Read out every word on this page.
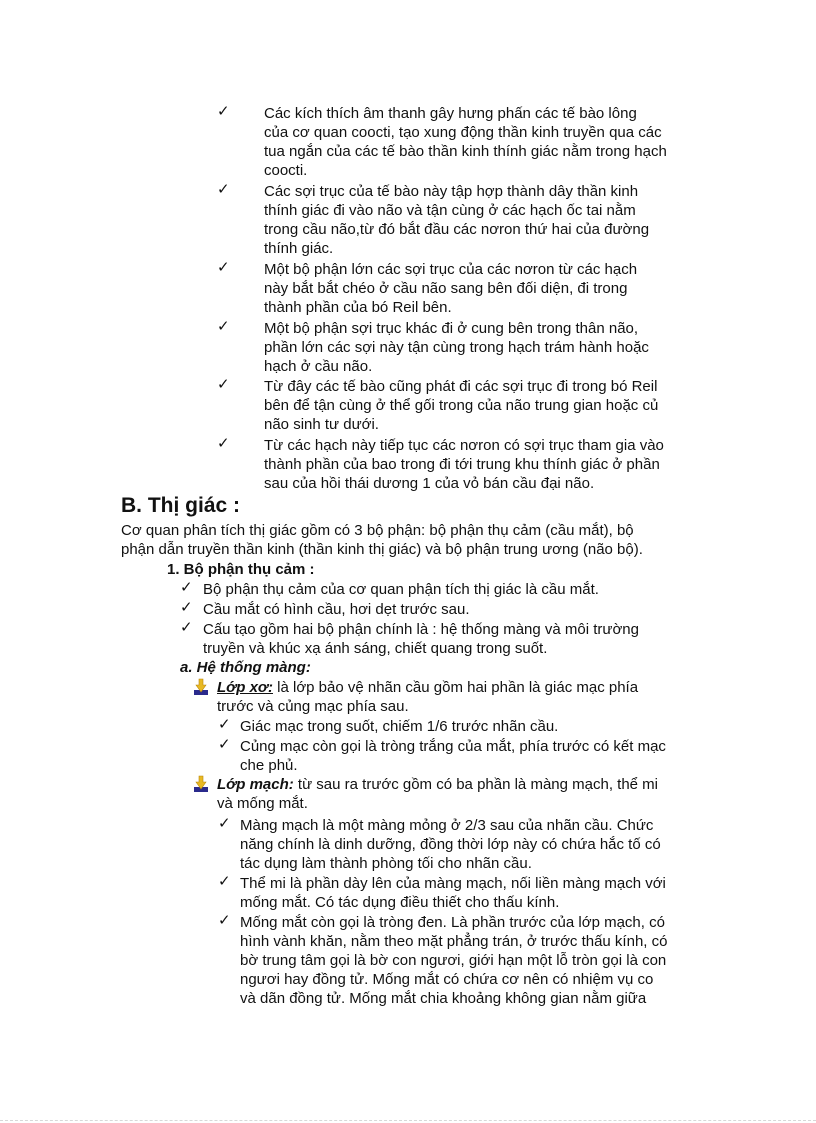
✓ Các kích thích âm thanh gây hưng phấn các tế bào lông
của cơ quan coocti, tạo xung động thần kinh truyền qua các
tua ngắn của các tế bào thần kinh thính giác nằm trong hạch
coocti.
✓ Các sợi trục của tế bào này tập hợp thành dây thần kinh
thính giác đi vào não và tận cùng ở các hạch ốc tai nằm
trong cầu não,từ đó bắt đầu các nơron thứ hai của đường
thính giác.
✓ Một bộ phận lớn các sợi trục của các nơron từ các hạch
này bắt bắt chéo ở cầu não sang bên đối diện, đi trong
thành phần của bó Reil bên.
✓ Một bộ phận sợi trục khác đi ở cung bên trong thân não,
phần lớn các sợi này tận cùng trong hạch trám hành hoặc
hạch ở cầu não.
✓ Từ đây các tế bào cũng phát đi các sợi trục đi trong bó Reil
bên để tận cùng ở thể gối trong của não trung gian hoặc củ
não sinh tư dưới.
✓ Từ các hạch này tiếp tục các nơron có sợi trục tham gia vào
thành phần của bao trong đi tới trung khu thính giác ở phần
sau của hồi thái dương 1 của vỏ bán cầu đại não.
B. Thị giác :
Cơ quan phân tích thị giác gồm có 3 bộ phận: bộ phận thụ cảm (cầu mắt), bộ
phận dẫn truyền thần kinh (thần kinh thị giác) và bộ phận trung ương (não bộ).
1. Bộ phận thụ cảm :
✓ Bộ phận thụ cảm của cơ quan phận tích thị giác là cầu mắt.
✓ Cầu mắt có hình cầu, hơi dẹt trước sau.
✓ Cấu tạo gồm hai bộ phận chính là : hệ thống màng và môi trường
truyền và khúc xạ ánh sáng, chiết quang trong suốt.
a. Hệ thống màng:
Lớp xơ: là lớp bảo vệ nhãn cầu gồm hai phần là giác mạc phía
trước và củng mạc phía sau.
✓ Giác mạc trong suốt, chiếm 1/6 trước nhãn cầu.
✓ Củng mạc còn gọi là tròng trắng của mắt, phía trước có kết mạc
che phủ.
Lớp mạch: từ sau ra trước gồm có ba phần là màng mạch, thể mi
và mống mắt.
✓ Màng mạch là một màng mỏng ở 2/3 sau của nhãn cầu. Chức
năng chính là dinh dưỡng, đồng thời lớp này có chứa hắc tố có
tác dụng làm thành phòng tối cho nhãn cầu.
✓ Thể mi là phần dày lên của màng mạch, nối liền màng mạch với
mống mắt. Có tác dụng điều thiết cho thấu kính.
✓ Mống mắt còn gọi là tròng đen. Là phần trước của lớp mạch, có
hình vành khăn, nằm theo mặt phẳng trán, ở trước thấu kính, có
bờ trung tâm gọi là bờ con ngươi, giới hạn một lỗ tròn gọi là con
ngươi hay đồng tử. Mống mắt có chứa cơ nên có nhiệm vụ co
và dãn đồng tử. Mống mắt chia khoảng không gian nằm giữa
